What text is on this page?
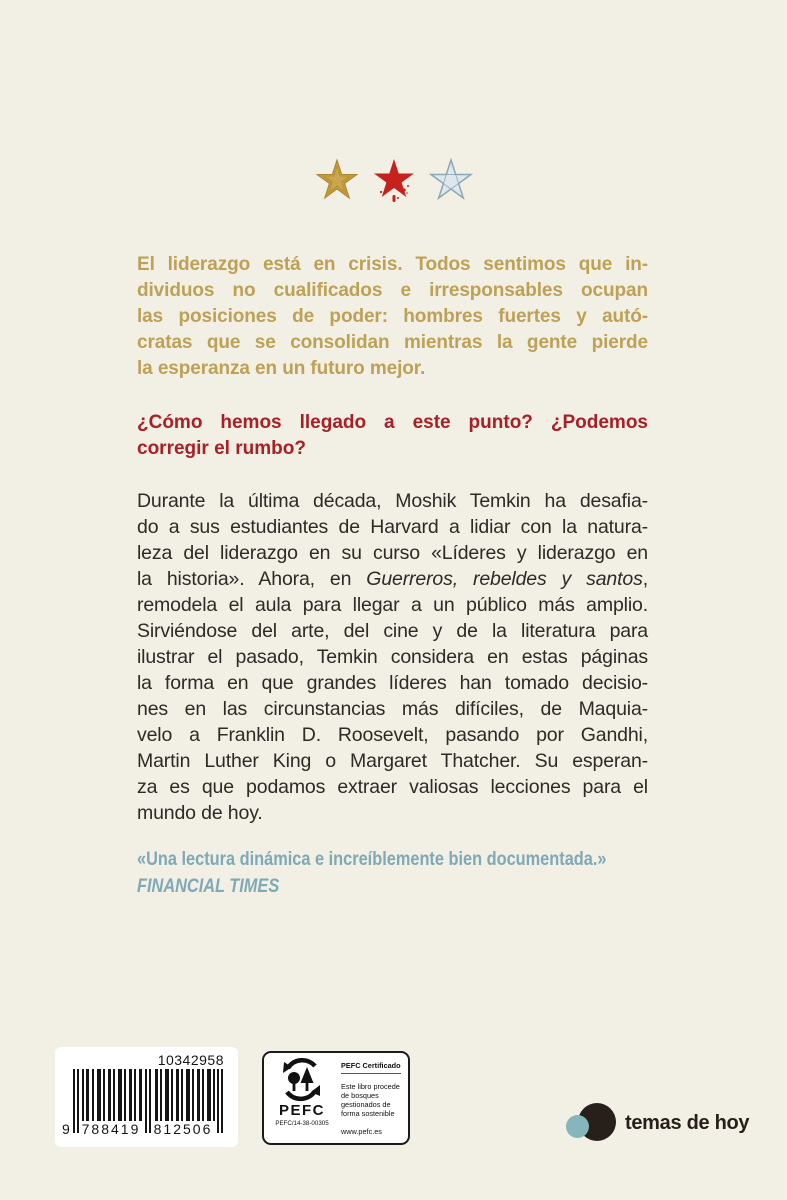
El liderazgo está en crisis. Todos sentimos que in-
dividuos no cualificados e irresponsables ocupan
las posiciones de poder: hombres fuertes y autó-
cratas que se consolidan mientras la gente pierde
la esperanza en un futuro mejor.
¿Cómo hemos llegado a este punto? ¿Podemos
corregir el rumbo?
Durante la última década, Moshik Temkin ha desafia-
do a sus estudiantes de Harvard a lidiar con la natura-
leza del liderazgo en su curso «Líderes y liderazgo en
la historia». Ahora, en Guerreros, rebeldes y santos,
remodela el aula para llegar a un público más amplio.
Sirviéndose del arte, del cine y de la literatura para
ilustrar el pasado, Temkin considera en estas páginas
la forma en que grandes líderes han tomado decisio-
nes en las circunstancias más difíciles, de Maquia-
velo a Franklin D. Roosevelt, pasando por Gandhi,
Martin Luther King o Margaret Thatcher. Su esperan-
za es que podamos extraer valiosas lecciones para el
mundo de hoy.
«Una lectura dinámica e increíblemente bien documentada.»
FINANCIAL TIMES
10342958
9 788419 812506
PEFC
PEFC/14-38-00305
PEFC Certificado
Este libro procede de bosques gestionados de forma sostenible
www.pefc.es	temas de hoy
